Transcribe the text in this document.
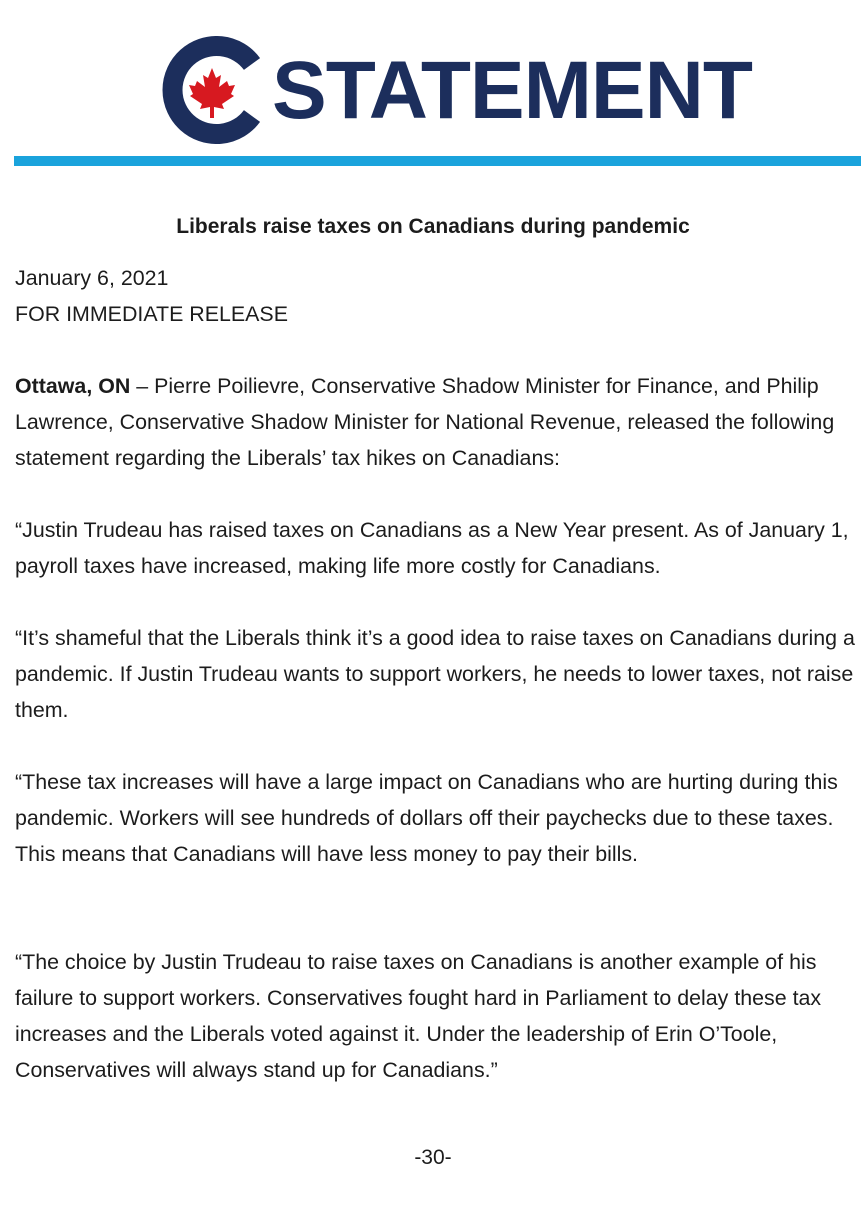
STATEMENT
Liberals raise taxes on Canadians during pandemic

January 6, 2021

FOR IMMEDIATE RELEASE

Ottawa, ON – Pierre Poilievre, Conservative Shadow Minister for Finance, and Philip Lawrence, Conservative Shadow Minister for National Revenue, released the following statement regarding the Liberals’ tax hikes on Canadians:

“Justin Trudeau has raised taxes on Canadians as a New Year present. As of January 1, payroll taxes have increased, making life more costly for Canadians.

“It’s shameful that the Liberals think it’s a good idea to raise taxes on Canadians during a pandemic. If Justin Trudeau wants to support workers, he needs to lower taxes, not raise them.

“These tax increases will have a large impact on Canadians who are hurting during this pandemic. Workers will see hundreds of dollars off their paychecks due to these taxes. This means that Canadians will have less money to pay their bills.

“The choice by Justin Trudeau to raise taxes on Canadians is another example of his failure to support workers. Conservatives fought hard in Parliament to delay these tax increases and the Liberals voted against it. Under the leadership of Erin O’Toole, Conservatives will always stand up for Canadians.”

-30-
